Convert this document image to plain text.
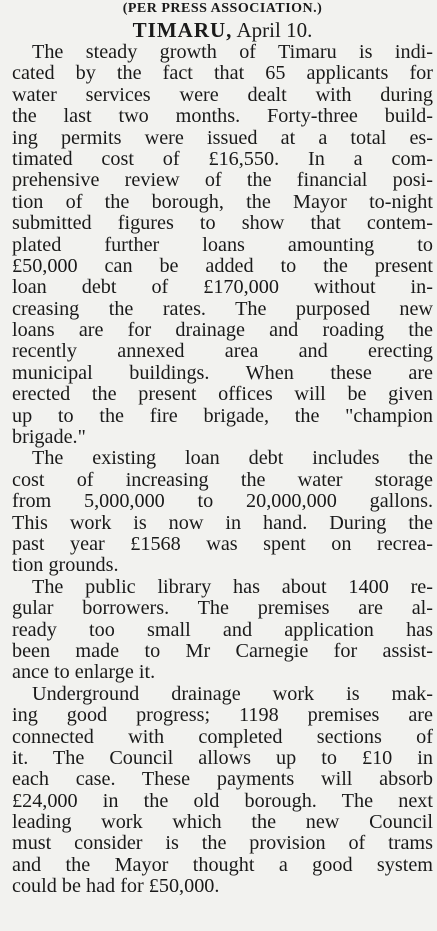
(PER PRESS ASSOCIATION.)
TIMARU, April 10.
The steady growth of Timaru is indi-
cated by the fact that 65 applicants for
water services were dealt with during
the last two months. Forty-three build-
ing permits were issued at a total es-
timated cost of £16,550. In a com-
prehensive review of the financial posi-
tion of the borough, the Mayor to-night
submitted figures to show that contem-
plated further loans amounting to
£50,000 can be added to the present
loan debt of £170,000 without in-
creasing the rates. The purposed new
loans are for drainage and roading the
recently annexed area and erecting
municipal buildings. When these are
erected the present offices will be given
up to the fire brigade, the "champion
brigade."
The existing loan debt includes the
cost of increasing the water storage
from 5,000,000 to 20,000,000 gallons.
This work is now in hand. During the
past year £1568 was spent on recrea-
tion grounds.
The public library has about 1400 re-
gular borrowers. The premises are al-
ready too small and application has
been made to Mr Carnegie for assist-
ance to enlarge it.
Underground drainage work is mak-
ing good progress; 1198 premises are
connected with completed sections of
it. The Council allows up to £10 in
each case. These payments will absorb
£24,000 in the old borough. The next
leading work which the new Council
must consider is the provision of trams
and the Mayor thought a good system
could be had for £50,000.
